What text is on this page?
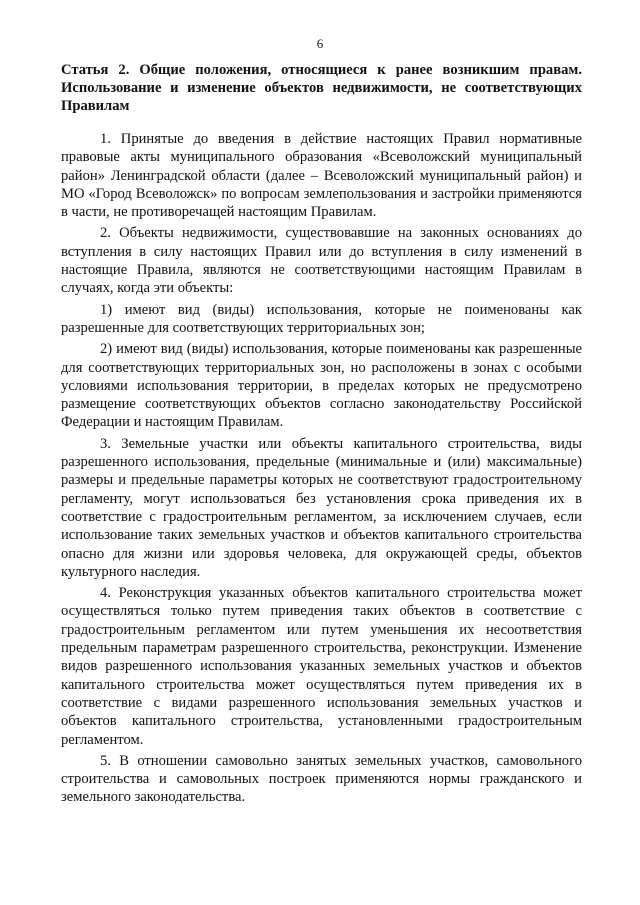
6

Статья 2. Общие положения, относящиеся к ранее возникшим правам. Использование и изменение объектов недвижимости, не соответствующих Правилам

1. Принятые до введения в действие настоящих Правил нормативные правовые акты муниципального образования «Всеволожский муниципальный район» Ленинградской области (далее – Всеволожский муниципальный район) и МО «Город Всеволожск» по вопросам землепользования и застройки применяются в части, не противоречащей настоящим Правилам.

2. Объекты недвижимости, существовавшие на законных основаниях до вступления в силу настоящих Правил или до вступления в силу изменений в настоящие Правила, являются не соответствующими настоящим Правилам в случаях, когда эти объекты:

1) имеют вид (виды) использования, которые не поименованы как разрешенные для соответствующих территориальных зон;

2) имеют вид (виды) использования, которые поименованы как разрешенные для соответствующих территориальных зон, но расположены в зонах с особыми условиями использования территории, в пределах которых не предусмотрено размещение соответствующих объектов согласно законодательству Российской Федерации и настоящим Правилам.

3. Земельные участки или объекты капитального строительства, виды разрешенного использования, предельные (минимальные и (или) максимальные) размеры и предельные параметры которых не соответствуют градостроительному регламенту, могут использоваться без установления срока приведения их в соответствие с градостроительным регламентом, за исключением случаев, если использование таких земельных участков и объектов капитального строительства опасно для жизни или здоровья человека, для окружающей среды, объектов культурного наследия.

4. Реконструкция указанных объектов капитального строительства может осуществляться только путем приведения таких объектов в соответствие с градостроительным регламентом или путем уменьшения их несоответствия предельным параметрам разрешенного строительства, реконструкции. Изменение видов разрешенного использования указанных земельных участков и объектов капитального строительства может осуществляться путем приведения их в соответствие с видами разрешенного использования земельных участков и объектов капитального строительства, установленными градостроительным регламентом.

5. В отношении самовольно занятых земельных участков, самовольного строительства и самовольных построек применяются нормы гражданского и земельного законодательства.
